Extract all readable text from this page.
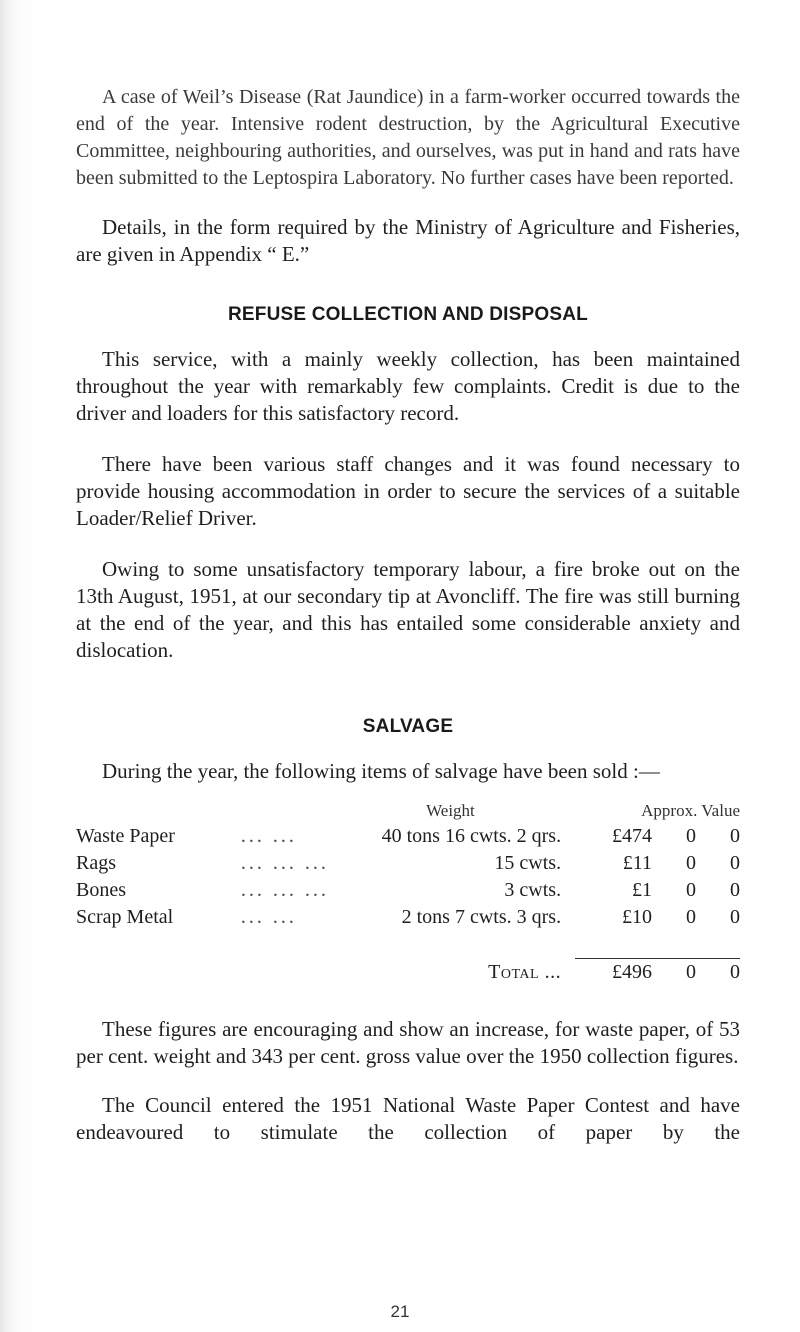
A case of Weil’s Disease (Rat Jaundice) in a farm-worker occurred towards the end of the year. Intensive rodent destruction, by the Agricultural Executive Committee, neighbouring authorities, and ourselves, was put in hand and rats have been submitted to the Leptospira Laboratory. No further cases have been reported.

Details, in the form required by the Ministry of Agriculture and Fisheries, are given in Appendix “ E.”

REFUSE COLLECTION AND DISPOSAL

This service, with a mainly weekly collection, has been maintained throughout the year with remarkably few complaints. Credit is due to the driver and loaders for this satisfactory record.

There have been various staff changes and it was found necessary to provide housing accommodation in order to secure the services of a suitable Loader/Relief Driver.

Owing to some unsatisfactory temporary labour, a fire broke out on the 13th August, 1951, at our secondary tip at Avoncliff. The fire was still burning at the end of the year, and this has entailed some considerable anxiety and dislocation.

SALVAGE

During the year, the following items of salvage have been sold :—

		Weight	Approx. Value		
Waste Paper	... ...	40 tons 16 cwts. 2 qrs.	£474	0	0
Rags	... ... ...	15 cwts.	£11	0	0
Bones	... ... ...	3 cwts.	£1	0	0
Scrap Metal	... ...	2 tons 7 cwts. 3 qrs.	£10	0	0

		Total ...	£496	0	0

These figures are encouraging and show an increase, for waste paper, of 53 per cent. weight and 343 per cent. gross value over the 1950 collection figures.

The Council entered the 1951 National Waste Paper Contest and have endeavoured to stimulate the collection of paper by the

21
